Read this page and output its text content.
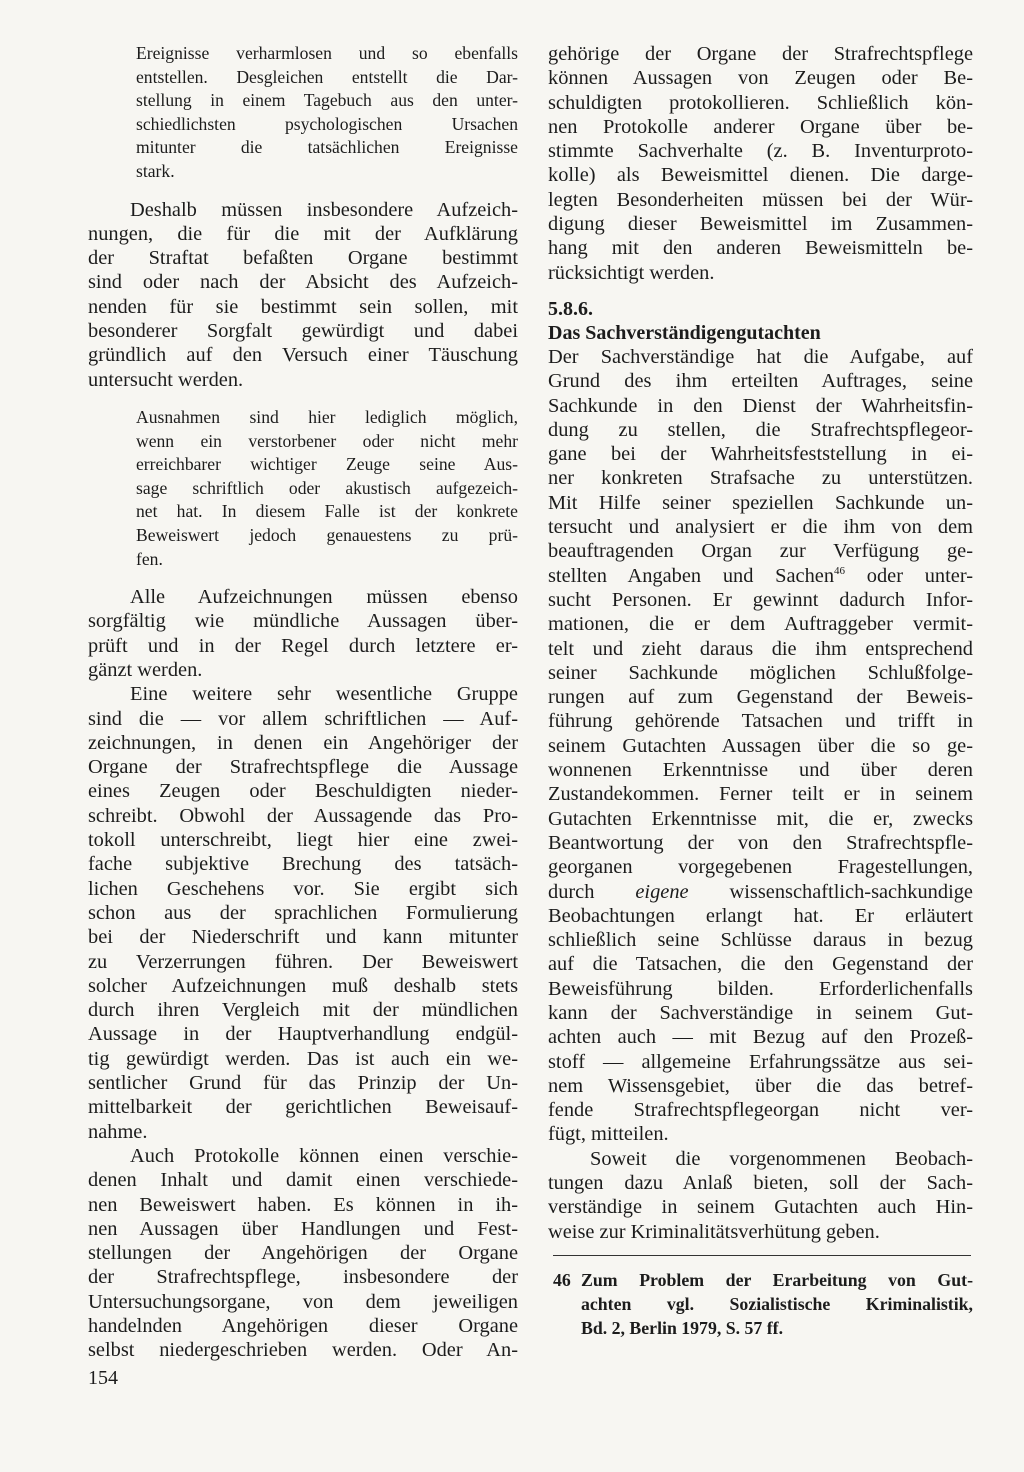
Ereignisse verharmlosen und so ebenfalls
entstellen. Desgleichen entstellt die Dar-
stellung in einem Tagebuch aus den unter-
schiedlichsten psychologischen Ursachen
mitunter die tatsächlichen Ereignisse
stark.
Deshalb müssen insbesondere Aufzeich-
nungen, die für die mit der Aufklärung
der Straftat befaßten Organe bestimmt
sind oder nach der Absicht des Aufzeich-
nenden für sie bestimmt sein sollen, mit
besonderer Sorgfalt gewürdigt und dabei
gründlich auf den Versuch einer Täuschung
untersucht werden.
Ausnahmen sind hier lediglich möglich,
wenn ein verstorbener oder nicht mehr
erreichbarer wichtiger Zeuge seine Aus-
sage schriftlich oder akustisch aufgezeich-
net hat. In diesem Falle ist der konkrete
Beweiswert jedoch genauestens zu prü-
fen.
Alle Aufzeichnungen müssen ebenso
sorgfältig wie mündliche Aussagen über-
prüft und in der Regel durch letztere er-
gänzt werden.
Eine weitere sehr wesentliche Gruppe
sind die — vor allem schriftlichen — Auf-
zeichnungen, in denen ein Angehöriger der
Organe der Strafrechtspflege die Aussage
eines Zeugen oder Beschuldigten nieder-
schreibt. Obwohl der Aussagende das Pro-
tokoll unterschreibt, liegt hier eine zwei-
fache subjektive Brechung des tatsäch-
lichen Geschehens vor. Sie ergibt sich
schon aus der sprachlichen Formulierung
bei der Niederschrift und kann mitunter
zu Verzerrungen führen. Der Beweiswert
solcher Aufzeichnungen muß deshalb stets
durch ihren Vergleich mit der mündlichen
Aussage in der Hauptverhandlung endgül-
tig gewürdigt werden. Das ist auch ein we-
sentlicher Grund für das Prinzip der Un-
mittelbarkeit der gerichtlichen Beweisauf-
nahme.
Auch Protokolle können einen verschie-
denen Inhalt und damit einen verschiede-
nen Beweiswert haben. Es können in ih-
nen Aussagen über Handlungen und Fest-
stellungen der Angehörigen der Organe
der Strafrechtspflege, insbesondere der
Untersuchungsorgane, von dem jeweiligen
handelnden Angehörigen dieser Organe
selbst niedergeschrieben werden. Oder An-
gehörige der Organe der Strafrechtspflege
können Aussagen von Zeugen oder Be-
schuldigten protokollieren. Schließlich kön-
nen Protokolle anderer Organe über be-
stimmte Sachverhalte (z. B. Inventurproto-
kolle) als Beweismittel dienen. Die darge-
legten Besonderheiten müssen bei der Wür-
digung dieser Beweismittel im Zusammen-
hang mit den anderen Beweismitteln be-
rücksichtigt werden.
5.8.6.
Das Sachverständigengutachten
Der Sachverständige hat die Aufgabe, auf
Grund des ihm erteilten Auftrages, seine
Sachkunde in den Dienst der Wahrheitsfin-
dung zu stellen, die Strafrechtspflegeor-
gane bei der Wahrheitsfeststellung in ei-
ner konkreten Strafsache zu unterstützen.
Mit Hilfe seiner speziellen Sachkunde un-
tersucht und analysiert er die ihm von dem
beauftragenden Organ zur Verfügung ge-
stellten Angaben und Sachen$^{46}$ oder unter-
sucht Personen. Er gewinnt dadurch Infor-
mationen, die er dem Auftraggeber vermit-
telt und zieht daraus die ihm entsprechend
seiner Sachkunde möglichen Schlußfolge-
rungen auf zum Gegenstand der Beweis-
führung gehörende Tatsachen und trifft in
seinem Gutachten Aussagen über die so ge-
wonnenen Erkenntnisse und über deren
Zustandekommen. Ferner teilt er in seinem
Gutachten Erkenntnisse mit, die er, zwecks
Beantwortung der von den Strafrechtspfle-
georganen vorgegebenen Fragestellungen,
durch eigene wissenschaftlich-sachkundige
Beobachtungen erlangt hat. Er erläutert
schließlich seine Schlüsse daraus in bezug
auf die Tatsachen, die den Gegenstand der
Beweisführung bilden. Erforderlichenfalls
kann der Sachverständige in seinem Gut-
achten auch — mit Bezug auf den Prozeß-
stoff — allgemeine Erfahrungssätze aus sei-
nem Wissensgebiet, über die das betref-
fende Strafrechtspflegeorgan nicht ver-
fügt, mitteilen.
Soweit die vorgenommenen Beobach-
tungen dazu Anlaß bieten, soll der Sach-
verständige in seinem Gutachten auch Hin-
weise zur Kriminalitätsverhütung geben.
46 Zum Problem der Erarbeitung von Gut-
achten vgl. Sozialistische Kriminalistik,
Bd. 2, Berlin 1979, S. 57 ff.
154
